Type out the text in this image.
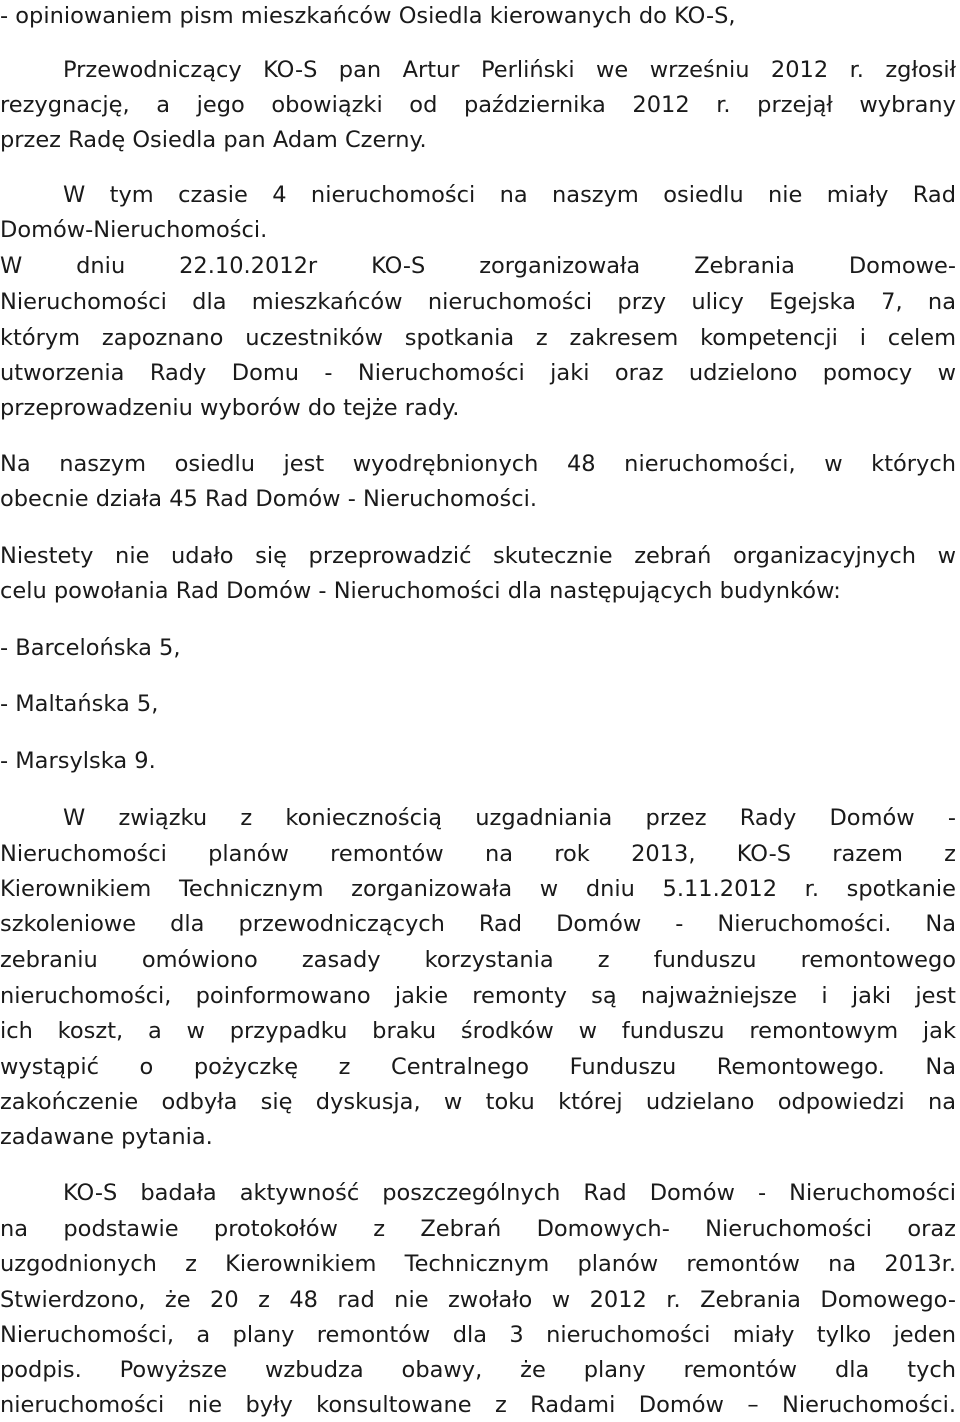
- opiniowaniem pism mieszkańców Osiedla kierowanych do KO-S,
Przewodniczący KO-S pan Artur Perliński we wrześniu 2012 r. zgłosił
rezygnację, a jego obowiązki od października 2012 r. przejął wybrany
przez Radę Osiedla pan Adam Czerny.
W tym czasie 4 nieruchomości na naszym osiedlu nie miały Rad
Domów-Nieruchomości.
W dniu 22.10.2012r KO-S zorganizowała Zebrania Domowe-
Nieruchomości dla mieszkańców nieruchomości przy ulicy Egejska 7, na
którym zapoznano uczestników spotkania z zakresem kompetencji i celem
utworzenia Rady Domu - Nieruchomości jaki oraz udzielono pomocy w
przeprowadzeniu wyborów do tejże rady.
Na naszym osiedlu jest wyodrębnionych 48 nieruchomości, w których
obecnie działa 45 Rad Domów - Nieruchomości.
Niestety nie udało się przeprowadzić skutecznie zebrań organizacyjnych w
celu powołania Rad Domów - Nieruchomości dla następujących budynków:
- Barcelońska 5,
- Maltańska 5,
- Marsylska 9.
W związku z koniecznością uzgadniania przez Rady Domów -
Nieruchomości planów remontów na rok 2013, KO-S razem z
Kierownikiem Technicznym zorganizowała w dniu 5.11.2012 r. spotkanie
szkoleniowe dla przewodniczących Rad Domów - Nieruchomości. Na
zebraniu omówiono zasady korzystania z funduszu remontowego
nieruchomości, poinformowano jakie remonty są najważniejsze i jaki jest
ich koszt, a w przypadku braku środków w funduszu remontowym jak
wystąpić o pożyczkę z Centralnego Funduszu Remontowego. Na
zakończenie odbyła się dyskusja, w toku której udzielano odpowiedzi na
zadawane pytania.
KO-S badała aktywność poszczególnych Rad Domów - Nieruchomości
na podstawie protokołów z Zebrań Domowych- Nieruchomości oraz
uzgodnionych z Kierownikiem Technicznym planów remontów na 2013r.
Stwierdzono, że 20 z 48 rad nie zwołało w 2012 r. Zebrania Domowego-
Nieruchomości, a plany remontów dla 3 nieruchomości miały tylko jeden
podpis. Powyższe wzbudza obawy, że plany remontów dla tych
nieruchomości nie były konsultowane z Radami Domów – Nieruchomości.
